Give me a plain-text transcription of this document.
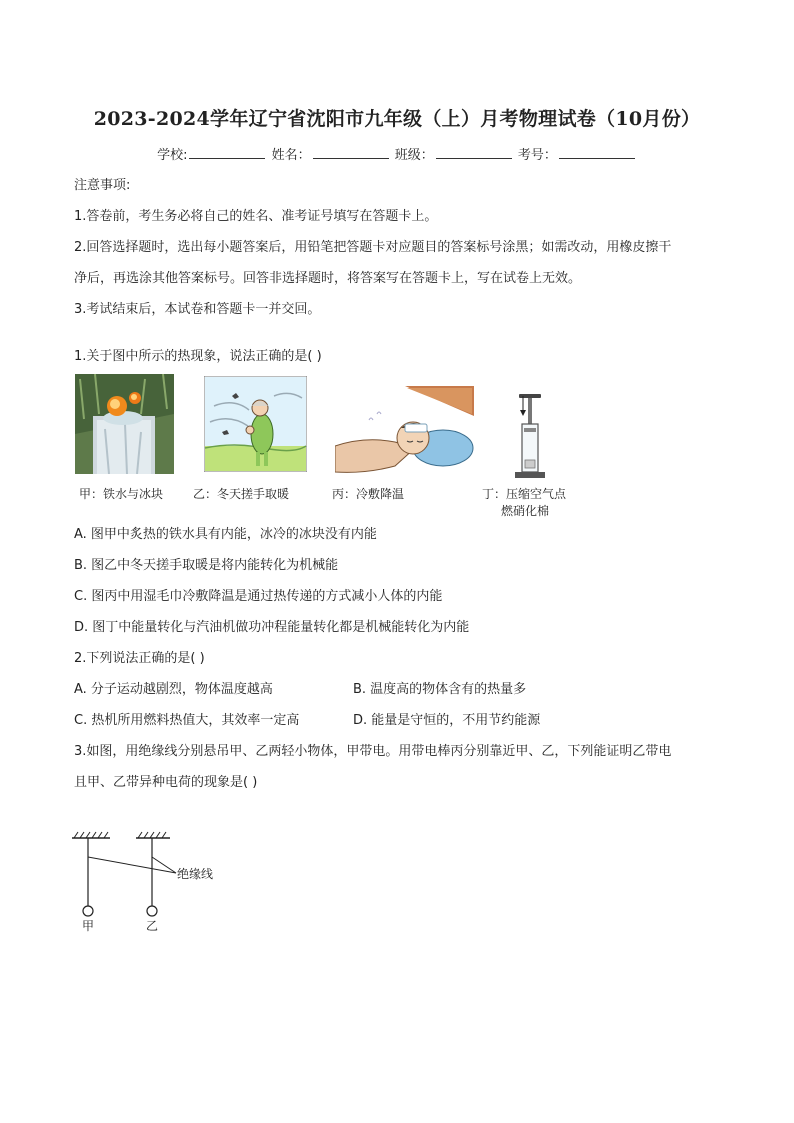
2023-2024学年辽宁省沈阳市九年级（上）月考物理试卷（10月份）
学校:	姓名：	班级：	考号：
注意事项:
1.答卷前，考生务必将自己的姓名、准考证号填写在答题卡上。
2.回答选择题时，选出每小题答案后，用铅笔把答题卡对应题目的答案标号涂黑；如需改动，用橡皮擦干
净后，再选涂其他答案标号。回答非选择题时，将答案写在答题卡上，写在试卷上无效。
3.考试结束后，本试卷和答题卡一并交回。
1.关于图中所示的热现象，说法正确的是( )
甲：铁水与冰块 乙：冬天搓手取暖	丙：冷敷降温	丁：压缩空气点
燃硝化棉
A. 图甲中炙热的铁水具有内能，冰冷的冰块没有内能
B. 图乙中冬天搓手取暖是将内能转化为机械能
C. 图丙中用湿毛巾冷敷降温是通过热传递的方式减小人体的内能
D. 图丁中能量转化与汽油机做功冲程能量转化都是机械能转化为内能
2.下列说法正确的是( )
A. 分子运动越剧烈，物体温度越高	B. 温度高的物体含有的热量多
C. 热机所用燃料热值大，其效率一定高	D. 能量是守恒的，不用节约能源
3.如图，用绝缘线分别悬吊甲、乙两轻小物体，甲带电。用带电棒丙分别靠近甲、乙，下列能证明乙带电
且甲、乙带异种电荷的现象是( )
绝缘线
甲	乙
